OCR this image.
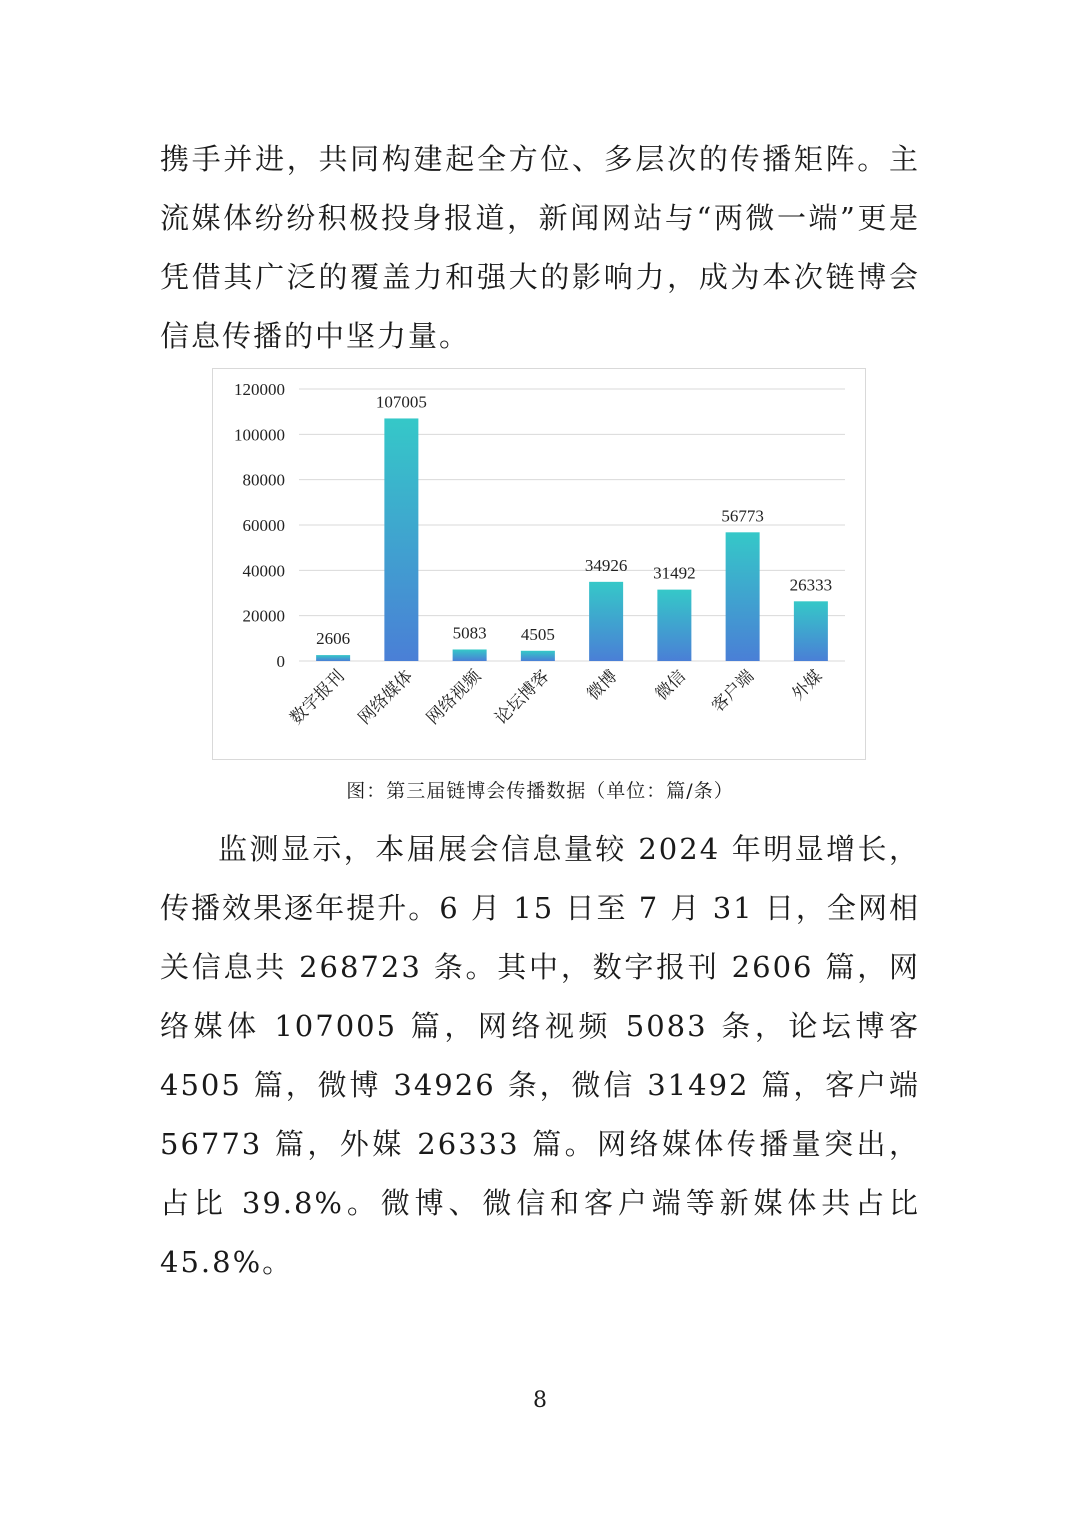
携手并进，共同构建起全方位、多层次的传播矩阵。主流媒体纷纷积极投身报道，新闻网站与“两微一端”更是凭借其广泛的覆盖力和强大的影响力，成为本次链博会信息传播的中坚力量。
0
20000
40000
60000
80000
100000
120000
2606
107005
5083 4505
34926 31492
56773
26333
数字报刊 网络媒体 网络视频 论坛博客 微博 微信 客户端 外媒
图：第三届链博会传播数据（单位：篇/条）
监测显示，本届展会信息量较 2024 年明显增长，传播效果逐年提升。6 月 15 日至 7 月 31 日，全网相关信息共 268723 条。其中，数字报刊 2606 篇，网络媒体 107005 篇，网络视频 5083 条，论坛博客 4505 篇，微博 34926 条，微信 31492 篇，客户端 56773 篇，外媒 26333 篇。网络媒体传播量突出，占比 39.8%。微博、微信和客户端等新媒体共占比 45.8%。
8
